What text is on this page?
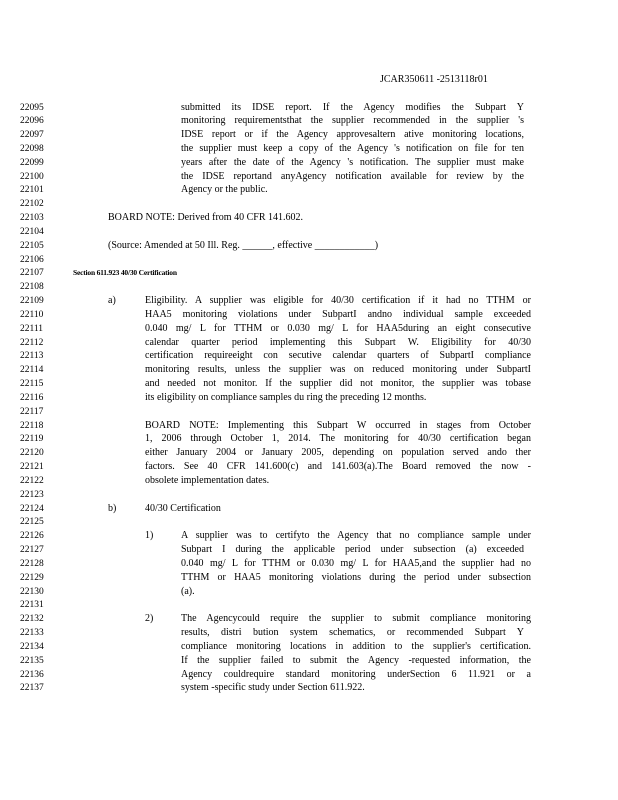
JCAR350611 -2513118r01
22095	submitted its IDSE report. If the Agency modifies the Subpart Y
22096	monitoring requirementsthat the supplier recommended in the supplier 's
22097	IDSE report or if the Agency approvesaltern ative monitoring locations,
22098	the supplier must keep a copy of the Agency 's notification on file for ten
22099	years after the date of the Agency 's notification. The supplier must make
22100	the IDSE reportand anyAgency notification available for review by the
22101	Agency or the public.
22102
22103	BOARD NOTE: Derived from 40 CFR 141.602.
22104
22105	(Source: Amended at 50 Ill. Reg. ______, effective ____________)
22106
22107	Section 611.923 40/30 Certification
22108
22109	a)	Eligibility. A supplier was eligible for 40/30 certification if it had no TTHM or
22110	HAA5 monitoring violations under SubpartI andno individual sample exceeded
22111	0.040 mg/ L for TTHM or 0.030 mg/ L for HAA5during an eight consecutive
22112	calendar quarter period implementing this Subpart W. Eligibility for 40/30
22113	certification requireeight con secutive calendar quarters of SubpartI compliance
22114	monitoring results, unless the supplier was on reduced monitoring under SubpartI
22115	and needed not monitor. If the supplier did not monitor, the supplier was tobase
22116	its eligibility on compliance samples du ring the preceding 12 months.
22117
22118	BOARD NOTE: Implementing this Subpart W occurred in stages from October
22119	1, 2006 through October 1, 2014. The monitoring for 40/30 certification began
22120	either January 2004 or January 2005, depending on population served ando ther
22121	factors. See 40 CFR 141.600(c) and 141.603(a).The Board removed the now -
22122	obsolete implementation dates.
22123
22124	b)	40/30 Certification
22125
22126	1)	A supplier was to certifyto the Agency that no compliance sample under
22127	Subpart I during the applicable period under subsection (a) exceeded
22128	0.040 mg/ L for TTHM or 0.030 mg/ L for HAA5,and the supplier had no
22129	TTHM or HAA5 monitoring violations during the period under subsection
22130	(a).
22131
22132	2)	The Agencycould require the supplier to submit compliance monitoring
22133	results, distri bution system schematics, or recommended Subpart Y
22134	compliance monitoring locations in addition to the supplier's certification.
22135	If the supplier failed to submit the Agency -requested information, the
22136	Agency couldrequire standard monitoring underSection 6 11.921 or a
22137	system -specific study under Section 611.922.
